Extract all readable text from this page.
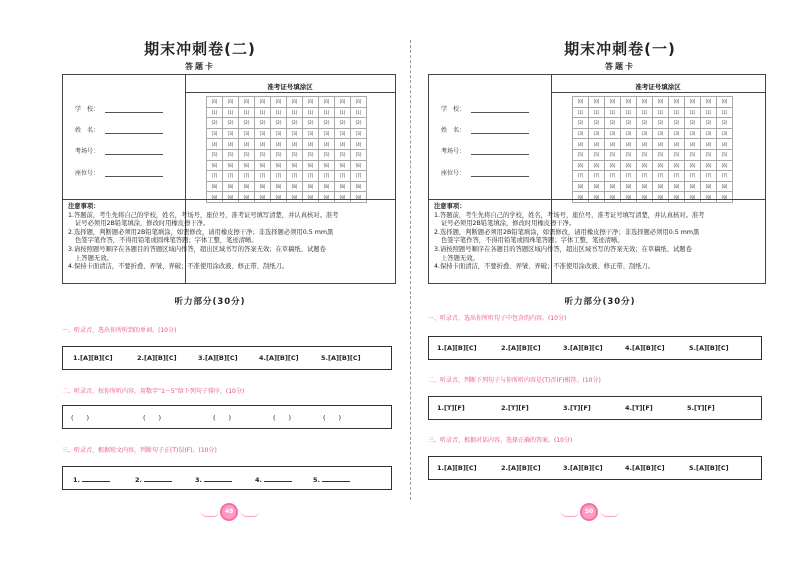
期末冲刺卷(二)
答题卡
学　校：
姓　名：
考场号：
座位号：
准考证号填涂区
[0]	[0]	[0]	[0]	[0]	[0]	[0]	[0]	[0]	[0]
[1]	[1]	[1]	[1]	[1]	[1]	[1]	[1]	[1]	[1]
[2]	[2]	[2]	[2]	[2]	[2]	[2]	[2]	[2]	[2]
[3]	[3]	[3]	[3]	[3]	[3]	[3]	[3]	[3]	[3]
[4]	[4]	[4]	[4]	[4]	[4]	[4]	[4]	[4]	[4]
[5]	[5]	[5]	[5]	[5]	[5]	[5]	[5]	[5]	[5]
[6]	[6]	[6]	[6]	[6]	[6]	[6]	[6]	[6]	[6]
[7]	[7]	[7]	[7]	[7]	[7]	[7]	[7]	[7]	[7]
[8]	[8]	[8]	[8]	[8]	[8]	[8]	[8]	[8]	[8]
[9]	[9]	[9]	[9]	[9]	[9]	[9]	[9]	[9]	[9]
注意事项：
1.答题前，考生先将自己的学校，姓名，考场号，座位号，准考证号填写清楚，并认真核对。准考
证号必须用2B铅笔填涂，修改时用橡皮擦干净。
2.选择题，判断题必须用2B铅笔填涂，如需修改，请用橡皮擦干净；非选择题必须用0.5 mm黑
色签字笔作答，不得用铅笔或圆珠笔答题；字体工整，笔迹清晰。
3.请按照题号顺序在各题目的答题区域内作答，超出区域书写的答案无效；在草稿纸、试题卷
上答题无效。
4.保持卡面清洁，不要折叠、弄皱、弄破；不准使用涂改液、修正带、刮纸刀。
听力部分(30分)
一、听录音，选出你所听到的单词。(10分)
1.[A][B][C]	2.[A][B][C]	3.[A][B][C]	4.[A][B][C]	5.[A][B][C]
二、听录音，按你所听内容，用数字“1～5”给下列句子排序。(10分)
(　　)	(　　)	(　　)	(　　)	(　　)
三、听录音，根据短文内容，判断句子正(T)误(F)。(10分)
1.	2.	3.	4.	5.
49
期末冲刺卷(一)
答题卡
学　校：
姓　名：
考场号：
座位号：
准考证号填涂区
[0]	[0]	[0]	[0]	[0]	[0]	[0]	[0]	[0]	[0]
[1]	[1]	[1]	[1]	[1]	[1]	[1]	[1]	[1]	[1]
[2]	[2]	[2]	[2]	[2]	[2]	[2]	[2]	[2]	[2]
[3]	[3]	[3]	[3]	[3]	[3]	[3]	[3]	[3]	[3]
[4]	[4]	[4]	[4]	[4]	[4]	[4]	[4]	[4]	[4]
[5]	[5]	[5]	[5]	[5]	[5]	[5]	[5]	[5]	[5]
[6]	[6]	[6]	[6]	[6]	[6]	[6]	[6]	[6]	[6]
[7]	[7]	[7]	[7]	[7]	[7]	[7]	[7]	[7]	[7]
[8]	[8]	[8]	[8]	[8]	[8]	[8]	[8]	[8]	[8]
[9]	[9]	[9]	[9]	[9]	[9]	[9]	[9]	[9]	[9]
注意事项：
1.答题前，考生先将自己的学校，姓名，考场号，座位号，准考证号填写清楚，并认真核对。准考
证号必须用2B铅笔填涂，修改时用橡皮擦干净。
2.选择题，判断题必须用2B铅笔填涂，如需修改，请用橡皮擦干净；非选择题必须用0.5 mm黑
色签字笔作答，不得用铅笔或圆珠笔答题；字体工整，笔迹清晰。
3.请按照题号顺序在各题目的答题区域内作答，超出区域书写的答案无效；在草稿纸、试题卷
上答题无效。
4.保持卡面清洁，不要折叠、弄皱、弄破；不准使用涂改液、修正带、刮纸刀。
听力部分(30分)
一、听录音，选出你所听句子中包含的内容。(10分)
1.[A][B][C]	2.[A][B][C]	3.[A][B][C]	4.[A][B][C]	5.[A][B][C]
二、听录音，判断下列句子与你所听内容是(T)否(F)相符。(10分)
1.[T][F]	2.[T][F]	3.[T][F]	4.[T][F]	5.[T][F]
三、听录音，根据对话内容，选择正确的答案。(10分)
1.[A][B][C]	2.[A][B][C]	3.[A][B][C]	4.[A][B][C]	5.[A][B][C]
50
